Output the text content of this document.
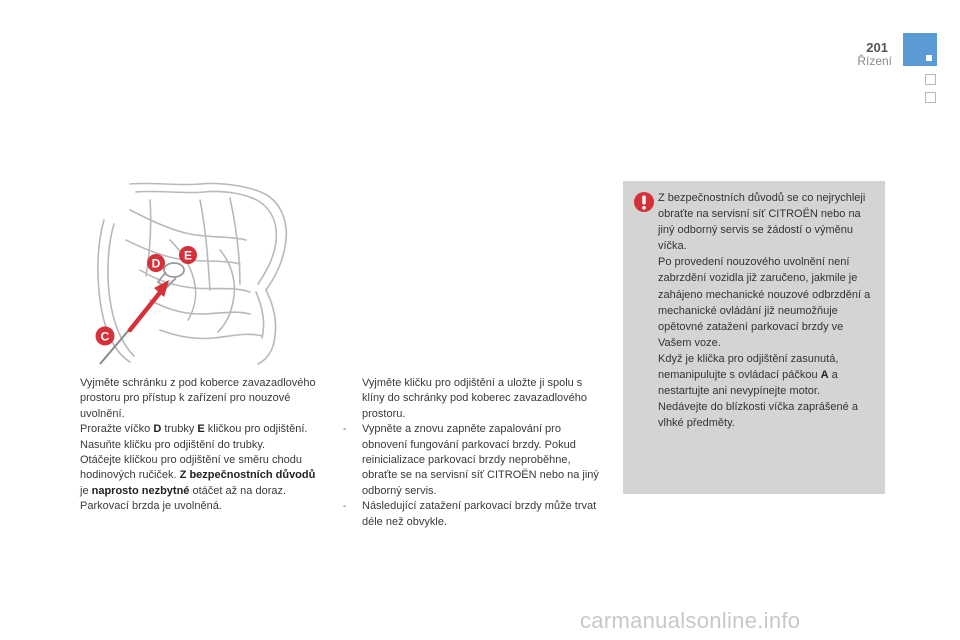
201
Řízení
D
E
C
Vyjměte schránku z pod koberce zavazadlového prostoru pro přístup k zařízení pro nouzové uvolnění.
Proražte víčko D trubky E kličkou pro odjištění.
Nasuňte kličku pro odjištění do trubky.
Otáčejte kličkou pro odjištění ve směru chodu hodinových ručiček. Z bezpečnostních důvodů je naprosto nezbytné otáčet až na doraz. Parkovací brzda je uvolněná.
Vyjměte kličku pro odjištění a uložte ji spolu s klíny do schránky pod koberec zavazadlového prostoru.
- Vypněte a znovu zapněte zapalování pro obnovení fungování parkovací brzdy. Pokud reinicializace parkovací brzdy neproběhne, obraťte se na servisní síť CITROËN nebo na jiný odborný servis.
- Následující zatažení parkovací brzdy může trvat déle než obvykle.

Z bezpečnostních důvodů se co nejrychleji obraťte na servisní síť CITROËN nebo na jiný odborný servis se žádostí o výměnu víčka.

Po provedení nouzového uvolnění není zabrzdění vozidla již zaručeno, jakmile je zahájeno mechanické nouzové odbrzdění a mechanické ovládání již neumožňuje opětovné zatažení parkovací brzdy ve Vašem voze.

Když je klička pro odjištění zasunutá, nemanipulujte s ovládací páčkou A a nestartujte ani nevypínejte motor.

Nedávejte do blízkosti víčka zaprášené a vlhké předměty.

carmanualsonline.info
